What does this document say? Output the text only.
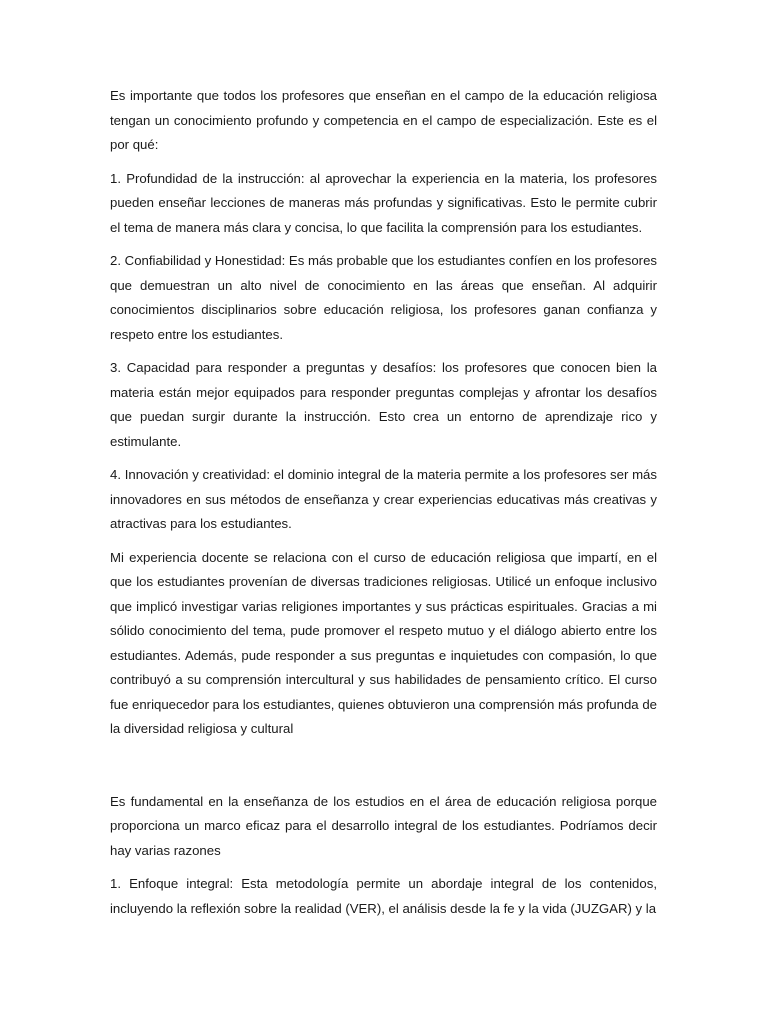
Es importante que todos los profesores que enseñan en el campo de la educación religiosa tengan un conocimiento profundo y competencia en el campo de especialización. Este es el por qué:

1. Profundidad de la instrucción: al aprovechar la experiencia en la materia, los profesores pueden enseñar lecciones de maneras más profundas y significativas. Esto le permite cubrir el tema de manera más clara y concisa, lo que facilita la comprensión para los estudiantes.

2. Confiabilidad y Honestidad: Es más probable que los estudiantes confíen en los profesores que demuestran un alto nivel de conocimiento en las áreas que enseñan. Al adquirir conocimientos disciplinarios sobre educación religiosa, los profesores ganan confianza y respeto entre los estudiantes.

3. Capacidad para responder a preguntas y desafíos: los profesores que conocen bien la materia están mejor equipados para responder preguntas complejas y afrontar los desafíos que puedan surgir durante la instrucción. Esto crea un entorno de aprendizaje rico y estimulante.

4. Innovación y creatividad: el dominio integral de la materia permite a los profesores ser más innovadores en sus métodos de enseñanza y crear experiencias educativas más creativas y atractivas para los estudiantes.

Mi experiencia docente se relaciona con el curso de educación religiosa que impartí, en el que los estudiantes provenían de diversas tradiciones religiosas. Utilicé un enfoque inclusivo que implicó investigar varias religiones importantes y sus prácticas espirituales. Gracias a mi sólido conocimiento del tema, pude promover el respeto mutuo y el diálogo abierto entre los estudiantes. Además, pude responder a sus preguntas e inquietudes con compasión, lo que contribuyó a su comprensión intercultural y sus habilidades de pensamiento crítico. El curso fue enriquecedor para los estudiantes, quienes obtuvieron una comprensión más profunda de la diversidad religiosa y cultural

Es fundamental en la enseñanza de los estudios en el área de educación religiosa porque proporciona un marco eficaz para el desarrollo integral de los estudiantes. Podríamos decir hay varias razones

1. Enfoque integral: Esta metodología permite un abordaje integral de los contenidos, incluyendo la reflexión sobre la realidad (VER), el análisis desde la fe y la vida (JUZGAR) y la
